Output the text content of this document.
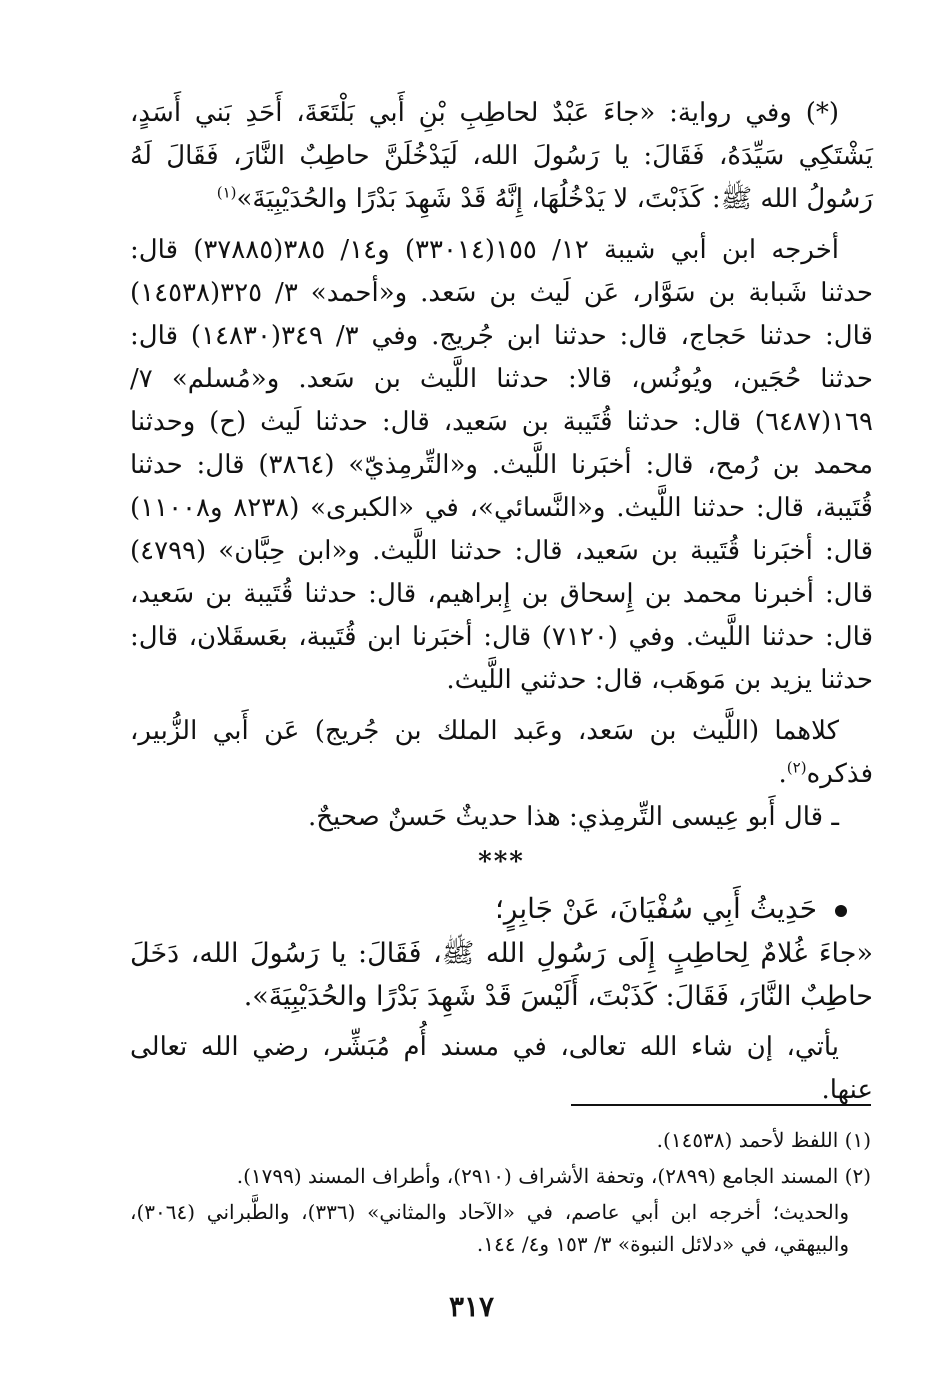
(*) وفي رواية: «جاءَ عَبْدٌ لحاطِبِ بْنِ أَبي بَلْتَعَةَ، أَحَدِ بَني أَسَدٍ، يَشْتَكِي سَيِّدَهُ، فَقَالَ: يا رَسُولَ الله، لَيَدْخُلَنَّ حاطِبٌ النَّارَ، فَقَالَ لَهُ رَسُولُ الله ﷺ: كَذَبْتَ، لا يَدْخُلُهَا، إِنَّهُ قَدْ شَهِدَ بَدْرًا والحُدَيْبِيَةَ»$^{(١)}$

أخرجه ابن أبي شيبة ١٢/ ١٥٥(٣٣٠١٤) و١٤/ ٣٨٥(٣٧٨٨٥) قال: حدثنا شَبابة بن سَوَّار، عَن لَيث بن سَعد. و«أحمد» ٣/ ٣٢٥(١٤٥٣٨) قال: حدثنا حَجاج، قال: حدثنا ابن جُريج. وفي ٣/ ٣٤٩(١٤٨٣٠) قال: حدثنا حُجَين، ويُونُس، قالا: حدثنا اللَّيث بن سَعد. و«مُسلم» ٧/ ١٦٩(٦٤٨٧) قال: حدثنا قُتَيبة بن سَعيد، قال: حدثنا لَيث (ح) وحدثنا محمد بن رُمح، قال: أخبَرنا اللَّيث. و«التِّرمِذيّ» (٣٨٦٤) قال: حدثنا قُتَيبة، قال: حدثنا اللَّيث. و«النَّسائي»، في «الكبرى» (٨٢٣٨ و١١٠٠٨) قال: أخبَرنا قُتَيبة بن سَعيد، قال: حدثنا اللَّيث. و«ابن حِبَّان» (٤٧٩٩) قال: أخبرنا محمد بن إِسحاق بن إِبراهيم، قال: حدثنا قُتَيبة بن سَعيد، قال: حدثنا اللَّيث. وفي (٧١٢٠) قال: أخبَرنا ابن قُتَيبة، بعَسقَلان، قال: حدثنا يزيد بن مَوهَب، قال: حدثني اللَّيث.

كلاهما (اللَّيث بن سَعد، وعَبد الملك بن جُريج) عَن أَبي الزُّبير، فذكره$^{(٢)}$.

ـ قال أَبو عِيسى التِّرمِذي: هذا حديثٌ حَسنٌ صحيحٌ.

***

حَدِيثُ أَبِي سُفْيَانَ، عَنْ جَابِرٍ؛

«جاءَ غُلامٌ لِحاطِبٍ إِلَى رَسُولِ الله ﷺ، فَقَالَ: يا رَسُولَ الله، دَخَلَ حاطِبٌ النَّارَ، فَقَالَ: كَذَبْتَ، أَلَيْسَ قَدْ شَهِدَ بَدْرًا والحُدَيْبِيَةَ».

يأتي، إن شاء الله تعالى، في مسند أُم مُبَشِّر، رضي الله تعالى عنها.

(١) اللفظ لأحمد (١٤٥٣٨).

(٢) المسند الجامع (٢٨٩٩)، وتحفة الأشراف (٢٩١٠)، وأطراف المسند (١٧٩٩).

والحديث؛ أخرجه ابن أبي عاصم، في «الآحاد والمثاني» (٣٣٦)، والطَّبراني (٣٠٦٤)، والبيهقي، في «دلائل النبوة» ٣/ ١٥٣ و٤/ ١٤٤.

٣١٧
